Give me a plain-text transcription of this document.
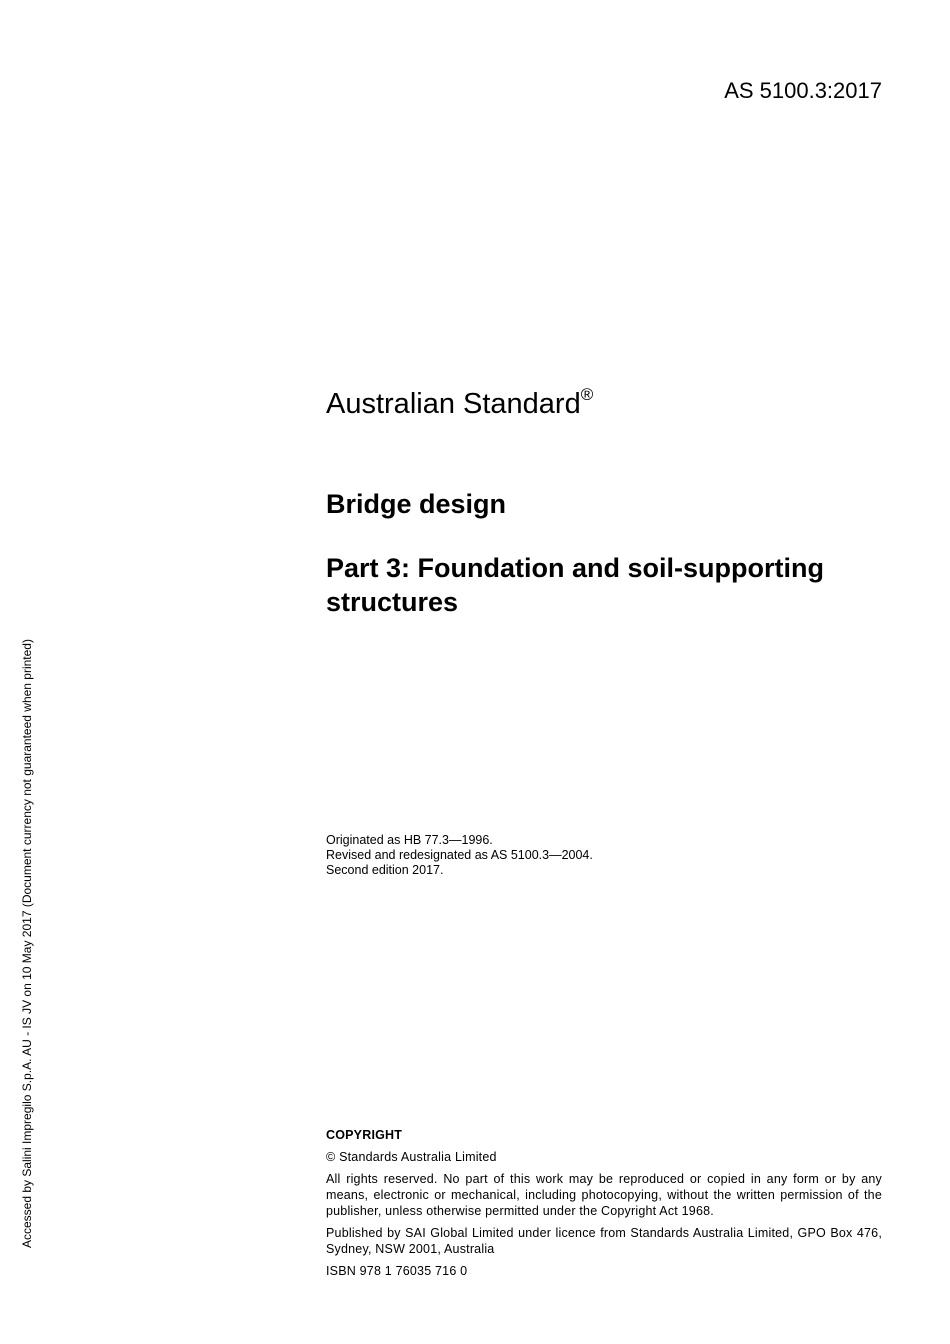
AS 5100.3:2017
Accessed by Salini Impregilo S.p.A. AU - IS JV on 10 May 2017 (Document currency not guaranteed when printed)
Australian Standard®
Bridge design
Part 3: Foundation and soil-supporting structures
Originated as HB 77.3—1996.
Revised and redesignated as AS 5100.3—2004.
Second edition 2017.

COPYRIGHT

© Standards Australia Limited

All rights reserved. No part of this work may be reproduced or copied in any form or by any means, electronic or mechanical, including photocopying, without the written permission of the publisher, unless otherwise permitted under the Copyright Act 1968.

Published by SAI Global Limited under licence from Standards Australia Limited, GPO Box 476, Sydney, NSW 2001, Australia

ISBN 978 1 76035 716 0
